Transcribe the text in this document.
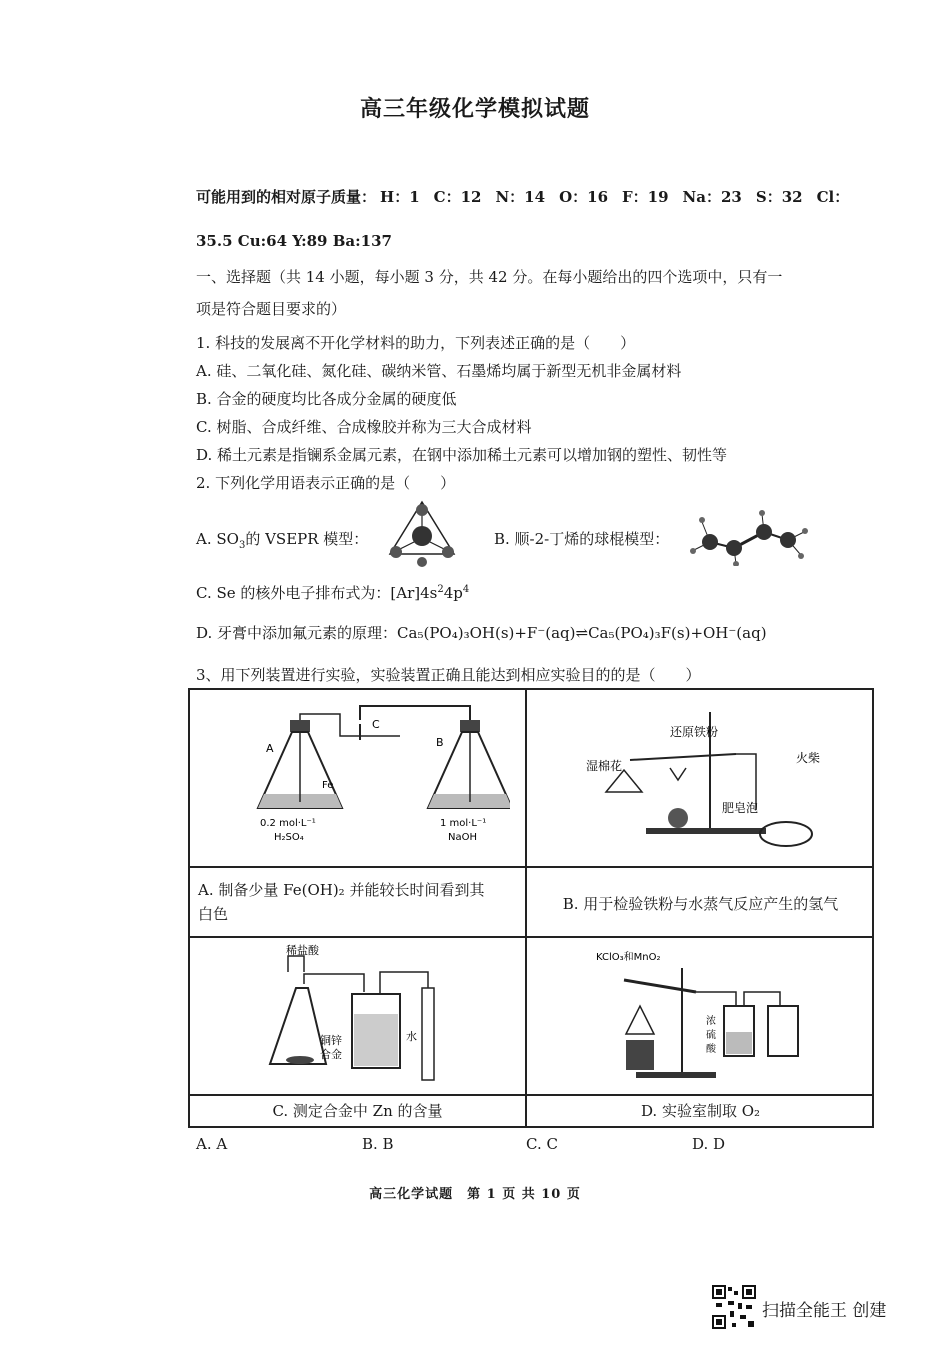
高三年级化学模拟试题
可能用到的相对原子质量： H：1 C：12 N：14 O：16 F：19 Na：23 S：32 Cl：
35.5 Cu:64 Y:89 Ba:137
一、选择题（共 14 小题，每小题 3 分，共 42 分。在每小题给出的四个选项中，只有一
项是符合题目要求的）
1. 科技的发展离不开化学材料的助力，下列表述正确的是（　　）
A. 硅、二氧化硅、氮化硅、碳纳米管、石墨烯均属于新型无机非金属材料
B. 合金的硬度均比各成分金属的硬度低
C. 树脂、合成纤维、合成橡胶并称为三大合成材料
D. 稀土元素是指镧系金属元素，在钢中添加稀土元素可以增加钢的塑性、韧性等
2. 下列化学用语表示正确的是（　　）
A. $SO_3$的 VSEPR 模型：	B. 顺-2-丁烯的球棍模型：
C. Se 的核外电子排布式为：$[Ar]4s^24p^4$
D. 牙膏中添加氟元素的原理：Ca₅(PO₄)₃OH(s)+F⁻(aq)⇌Ca₅(PO₄)₃F(s)+OH⁻(aq)
3、用下列装置进行实验，实验装置正确且能达到相应实验目的的是（　　）
A	B
C
Fe
0.2 mol·L⁻¹
H₂SO₄
1 mol·L⁻¹
NaOH
还原铁粉
湿棉花
火柴
肥皂泡
A. 制备少量 Fe(OH)₂ 并能较长时间看到其
白色
B. 用于检验铁粉与水蒸气反应产生的氢气
稀盐酸
铜锌
合金
水
KClO₃和MnO₂
浓
硫
酸
C. 测定合金中 Zn 的含量	D. 实验室制取 O₂
A. A	B. B	C. C	D. D
高三化学试题　第 1 页 共 10 页
扫描全能王 创建
